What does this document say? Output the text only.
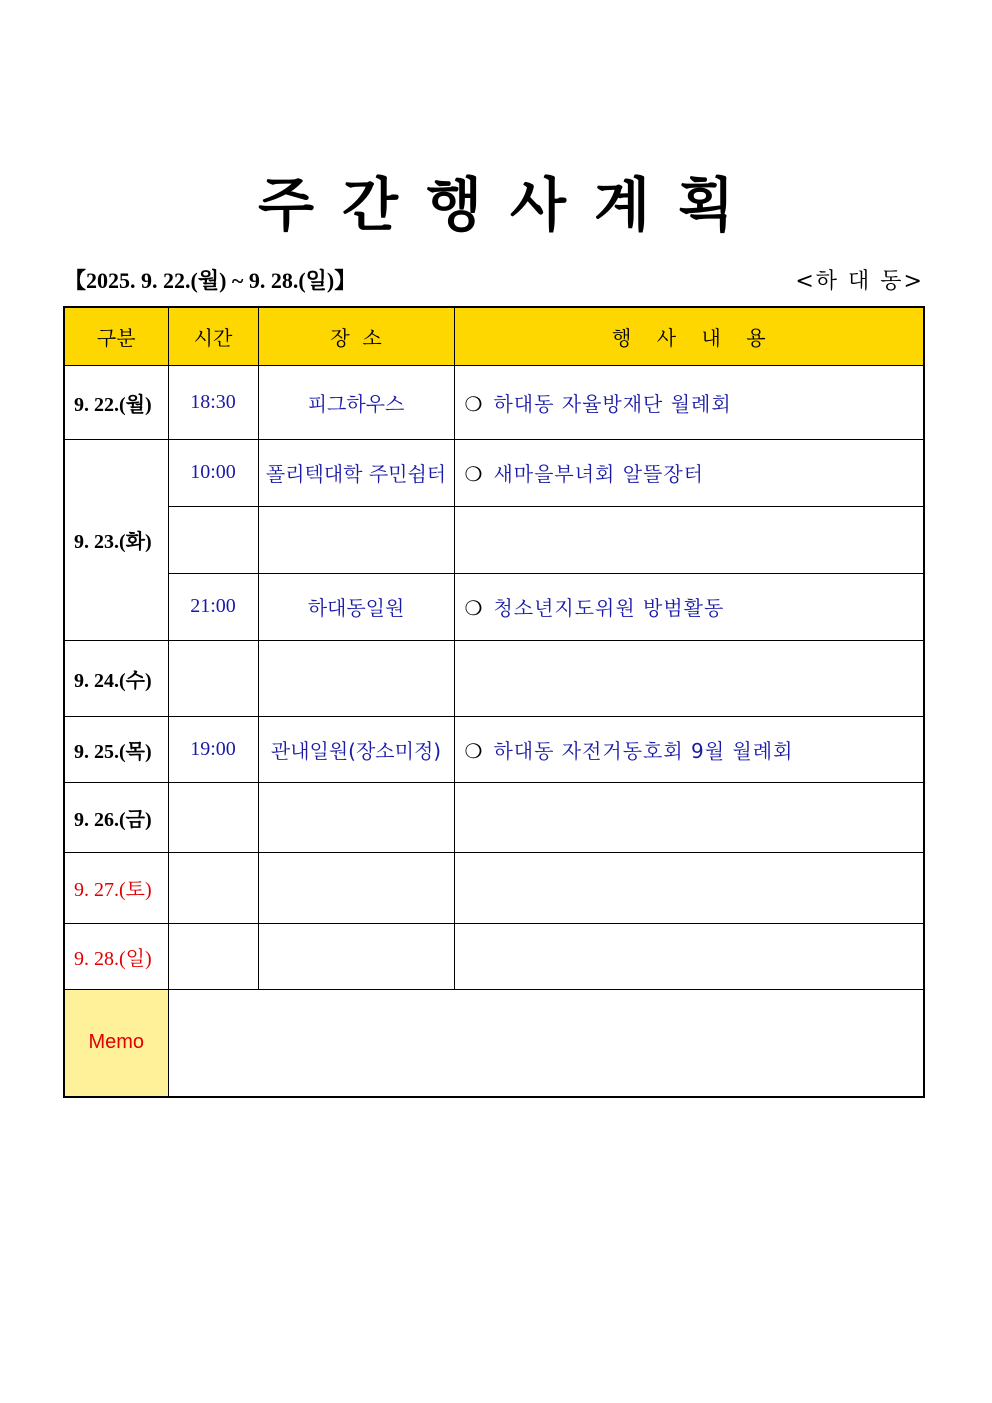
주 간 행 사 계 획
【2025. 9. 22.(월) ~ 9. 28.(일)】	<하 대 동>
구분	시간	장  소	행    사    내    용
9. 22.(월)	18:30	피그하우스	❍ 하대동 자율방재단 월례회
9. 23.(화)	10:00	폴리텍대학 주민쉼터	❍ 새마을부녀회 알뜰장터

	21:00	하대동일원	❍ 청소년지도위원 방범활동
9. 24.(수)			
9. 25.(목)	19:00	관내일원(장소미정)	❍ 하대동 자전거동호회 9월 월례회
9. 26.(금)			
9. 27.(토)			
9. 28.(일)			
Memo			
